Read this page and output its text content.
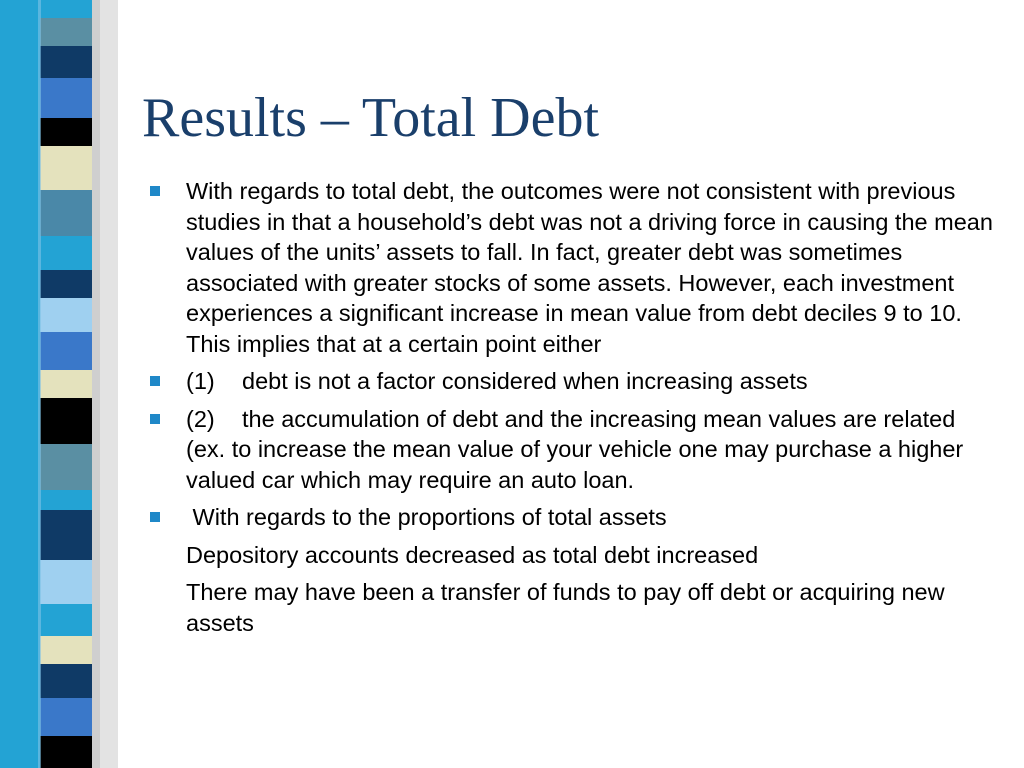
Results – Total Debt
With regards to total debt, the outcomes were not consistent with previous studies in that a household’s debt was not a driving force in causing the mean values of the units’ assets to fall. In fact, greater debt was sometimes associated with greater stocks of some assets. However, each investment experiences a significant increase in mean value from debt deciles 9 to 10. This implies that at a certain point either
(1) debt is not a factor considered when increasing assets
(2) the accumulation of debt and the increasing mean values are related (ex. to increase the mean value of your vehicle one may purchase a higher valued car which may require an auto loan.
With regards to the proportions of total assets
Depository accounts decreased as total debt increased
There may have been a transfer of funds to pay off debt or acquiring new assets
